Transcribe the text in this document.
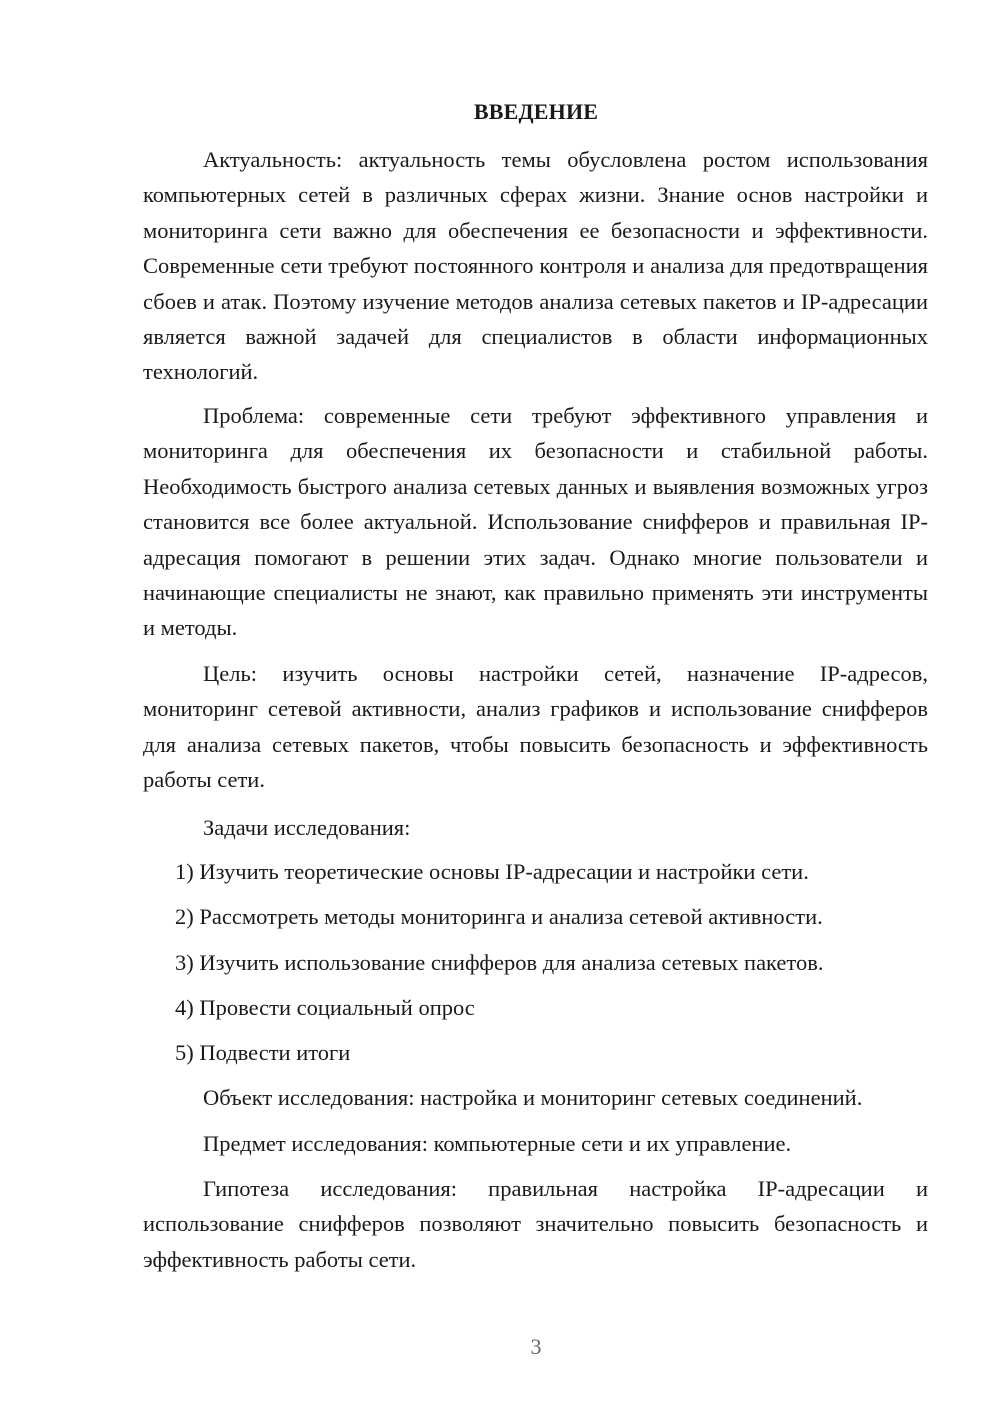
ВВЕДЕНИЕ

Актуальность: актуальность темы обусловлена ростом использования компьютерных сетей в различных сферах жизни. Знание основ настройки и мониторинга сети важно для обеспечения ее безопасности и эффективности. Современные сети требуют постоянного контроля и анализа для предотвращения сбоев и атак. Поэтому изучение методов анализа сетевых пакетов и IP-адресации является важной задачей для специалистов в области информационных технологий.

Проблема: современные сети требуют эффективного управления и мониторинга для обеспечения их безопасности и стабильной работы. Необходимость быстрого анализа сетевых данных и выявления возможных угроз становится все более актуальной. Использование снифферов и правильная IP-адресация помогают в решении этих задач. Однако многие пользователи и начинающие специалисты не знают, как правильно применять эти инструменты и методы.

Цель: изучить основы настройки сетей, назначение IP-адресов, мониторинг сетевой активности, анализ графиков и использование снифферов для анализа сетевых пакетов, чтобы повысить безопасность и эффективность работы сети.

Задачи исследования:
1) Изучить теоретические основы IP-адресации и настройки сети.
2) Рассмотреть методы мониторинга и анализа сетевой активности.
3) Изучить использование снифферов для анализа сетевых пакетов.
4) Провести социальный опрос
5) Подвести итоги
Объект исследования: настройка и мониторинг сетевых соединений.
Предмет исследования: компьютерные сети и их управление.

Гипотеза исследования: правильная настройка IP-адресации и использование снифферов позволяют значительно повысить безопасность и эффективность работы сети.

3
